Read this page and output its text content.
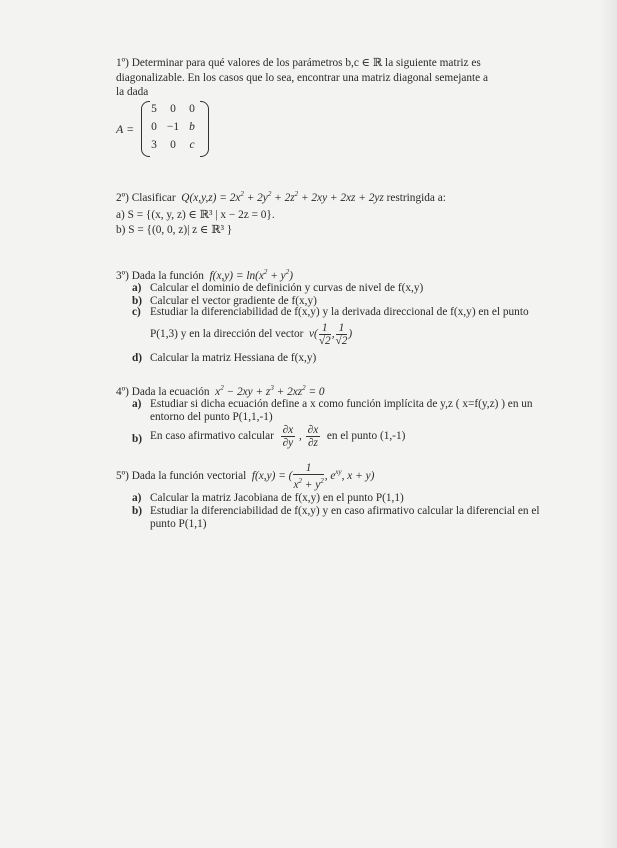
1º) Determinar para qué valores de los parámetros b,c ∈ ℝ la siguiente matriz es
diagonalizable. En los casos que lo sea, encontrar una matriz diagonal semejante a
la dada
A =
5	0	0
0 −1 b
3	0	c
2º) Clasificar  $Q(x,y,z) = 2x^2 + 2y^2 + 2z^2 + 2xy + 2xz + 2yz$ restringida a:
a) S = {(x, y, z) ∈ ℝ³ | x − 2z = 0}.
b) S = {(0, 0, z)| z ∈ ℝ³ }
3º) Dada la función  $f(x,y) = \ln(x^2 + y^2)$
a) Calcular el dominio de definición y curvas de nivel de f(x,y)
b) Calcular el vector gradiente de f(x,y)
c) Estudiar la diferenciabilidad de f(x,y) y la derivada direccional de f(x,y) en el punto
P(1,3) y en la dirección del vector  $v( \frac{1}{√2}$ , $\frac{1}{√2}$ )
d) Calcular la matriz Hessiana de f(x,y)
4º) Dada la ecuación  $x^2 - 2xy + z^3 + 2xz^2 = 0$
a) Estudiar si dicha ecuación define a x como función implícita de y,z ( x=f(y,z) ) en un
entorno del punto P(1,1,-1)
b) En caso afirmativo calcular $\frac{\partial x}{\partial y}$ , $\frac{\partial x}{\partial z}$ en el punto (1,-1)
5º) Dada la función vectorial  f(x,y) = ( $\frac{1}{x^2 + y^2}$ , $e^{xy}$, x + y)
a) Calcular la matriz Jacobiana de f(x,y) en el punto P(1,1)
b) Estudiar la diferenciabilidad de f(x,y) y en caso afirmativo calcular la diferencial en el
punto P(1,1)
